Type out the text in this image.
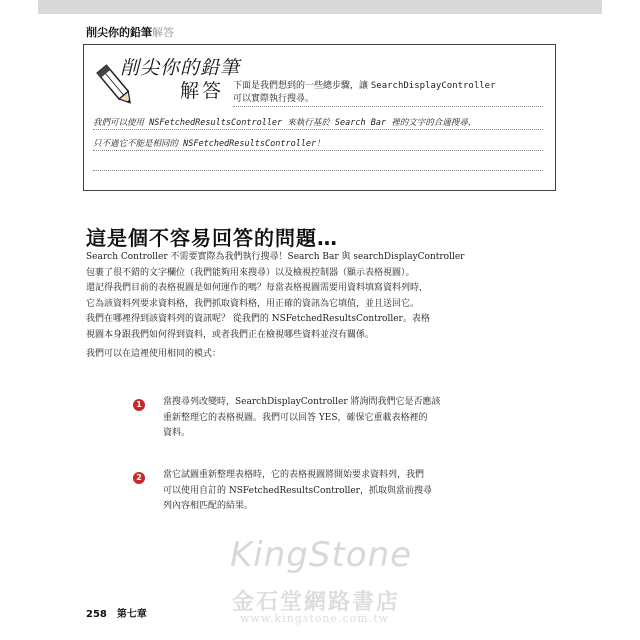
削尖你的鉛筆解答
削尖你的鉛筆
解答 下面是我們想到的一些總步驟，讓 SearchDisplayController
可以實際執行搜尋。
我們可以使用 NSFetchedResultsController 來執行基於 Search Bar 裡的文字的合適搜尋，
只不過它不能是相同的 NSFetchedResultsController！
這是個不容易回答的問題…
Search Controller 不需要實際為我們執行搜尋！Search Bar 與 searchDisplayController
包裹了很不錯的文字欄位（我們能夠用來搜尋）以及檢視控制器（顯示表格視圖）。
還記得我們目前的表格視圖是如何運作的嗎？每當表格視圖需要用資料填寫資料列時，
它為該資料列要求資料格，我們抓取資料格，用正確的資訊為它填值，並且送回它。
我們在哪裡得到該資料列的資訊呢？ 從我們的 NSFetchedResultsController。表格
視圖本身跟我們如何得到資料，或者我們正在檢視哪些資料並沒有關係。
我們可以在這裡使用相同的模式：
1	當搜尋列改變時，SearchDisplayController 將詢問我們它是否應該
重新整理它的表格視圖。我們可以回答 YES，確保它重載表格裡的
資料。
2	當它試圖重新整理表格時，它的表格視圖將開始要求資料列，我們
可以使用自訂的 NSFetchedResultsController，抓取與當前搜尋
列內容相匹配的結果。
KingStone
金石堂網路書店
www.kingstone.com.tw
258 第七章
